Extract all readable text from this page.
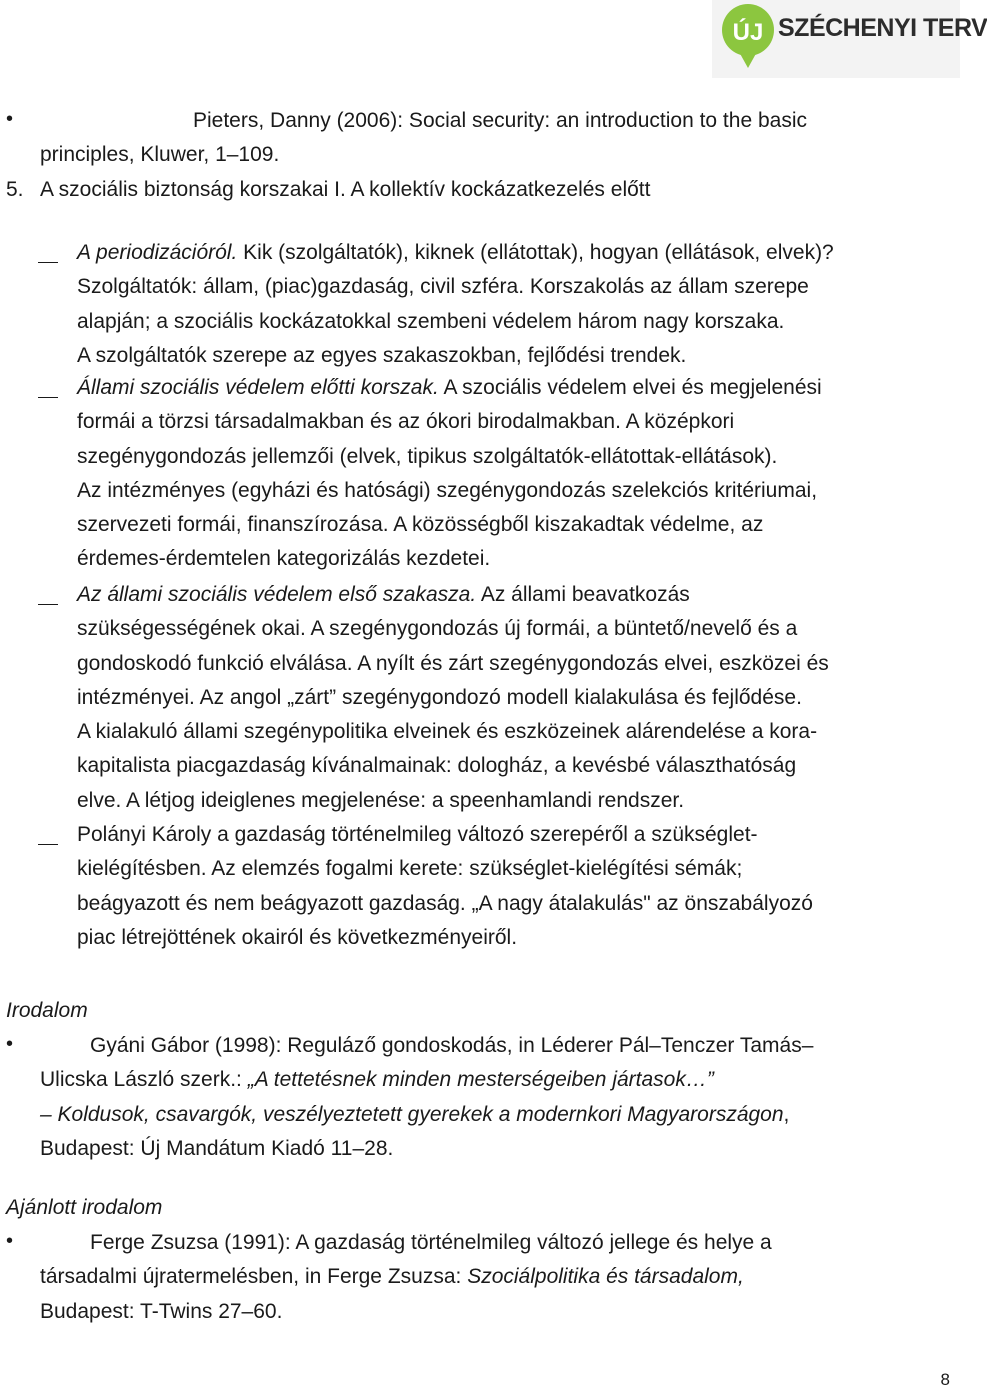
ÚJ SZÉCHENYI TERV
•	Pieters, Danny (2006): Social security: an introduction to the basic
principles, Kluwer, 1–109.
5. A szociális biztonság korszakai I. A kollektív kockázatkezelés előtt
A periodizációról. Kik (szolgáltatók), kiknek (ellátottak), hogyan (ellátások, elvek)?
Szolgáltatók: állam, (piac)gazdaság, civil szféra. Korszakolás az állam szerepe
alapján; a szociális kockázatokkal szembeni védelem három nagy korszaka.
A szolgáltatók szerepe az egyes szakaszokban, fejlődési trendek.
Állami szociális védelem előtti korszak. A szociális védelem elvei és megjelenési
formái a törzsi társadalmakban és az ókori birodalmakban. A középkori
szegénygondozás jellemzői (elvek, tipikus szolgáltatók-ellátottak-ellátások).
Az intézményes (egyházi és hatósági) szegénygondozás szelekciós kritériumai,
szervezeti formái, finanszírozása. A közösségből kiszakadtak védelme, az
érdemes-érdemtelen kategorizálás kezdetei.
Az állami szociális védelem első szakasza. Az állami beavatkozás
szükségességének okai. A szegénygondozás új formái, a büntető/nevelő és a
gondoskodó funkció elválása. A nyílt és zárt szegénygondozás elvei, eszközei és
intézményei. Az angol „zárt” szegénygondozó modell kialakulása és fejlődése.
A kialakuló állami szegénypolitika elveinek és eszközeinek alárendelése a kora-
kapitalista piacgazdaság kívánalmainak: dologház, a kevésbé választhatóság
elve. A létjog ideiglenes megjelenése: a speenhamlandi rendszer.
Polányi Károly a gazdaság történelmileg változó szerepéről a szükséglet-
kielégítésben. Az elemzés fogalmi kerete: szükséglet-kielégítési sémák;
beágyazott és nem beágyazott gazdaság. „A nagy átalakulás" az önszabályozó
piac létrejöttének okairól és következményeiről.
Irodalom
•	Gyáni Gábor (1998): Reguláző gondoskodás, in Léderer Pál–Tenczer Tamás–
Ulicska László szerk.: „A tettetésnek minden mesterségeiben jártasok…”
– Koldusok, csavargók, veszélyeztetett gyerekek a modernkori Magyarországon,
Budapest: Új Mandátum Kiadó 11–28.
Ajánlott irodalom
•	Ferge Zsuzsa (1991): A gazdaság történelmileg változó jellege és helye a
társadalmi újratermelésben, in Ferge Zsuzsa: Szociálpolitika és társadalom,
Budapest: T-Twins 27–60.
8
